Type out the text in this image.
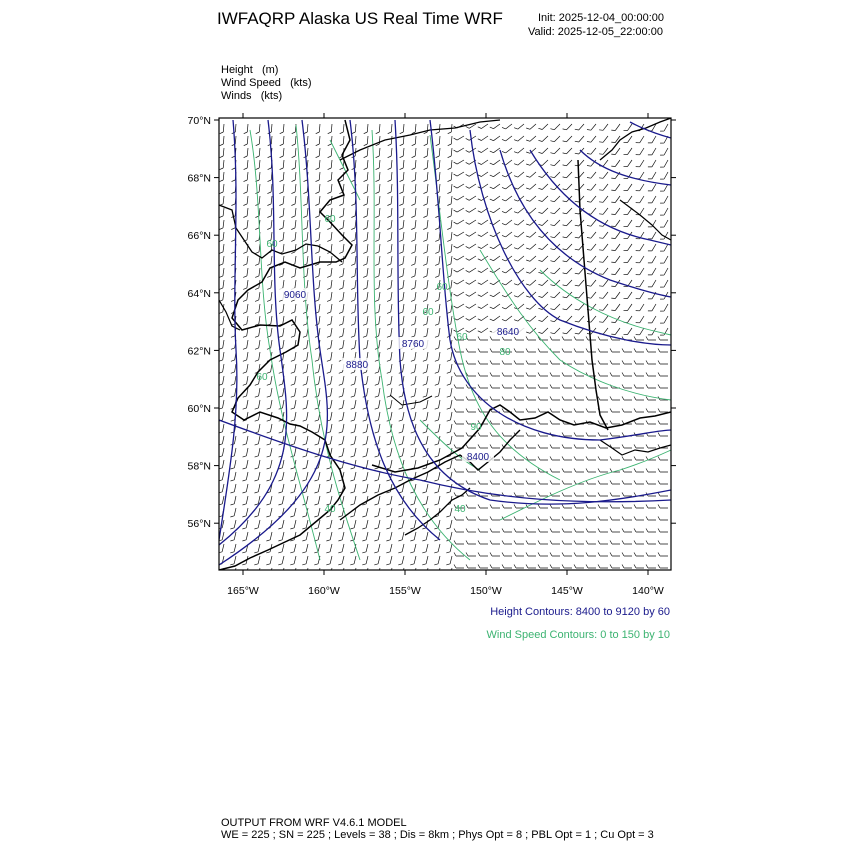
IWFAQRP Alaska US Real Time WRF	Init: 2025-12-04_00:00:00
Valid: 2025-12-05_22:00:00
Height (m)
Wind Speed (kts)
Winds (kts)
70°N
68°N
66°N
64°N
62°N
60°N
58°N
56°N
165°W	160°W	155°W	150°W	145°W	140°W
9060
8880
8760
8640
8400
60
60
60
60
60
80
90
40
40
60
Height Contours: 8400 to 9120 by 60
Wind Speed Contours: 0 to 150 by 10
OUTPUT FROM WRF V4.6.1 MODEL
WE = 225 ; SN = 225 ; Levels = 38 ; Dis = 8km ; Phys Opt = 8 ; PBL Opt = 1 ; Cu Opt = 3
